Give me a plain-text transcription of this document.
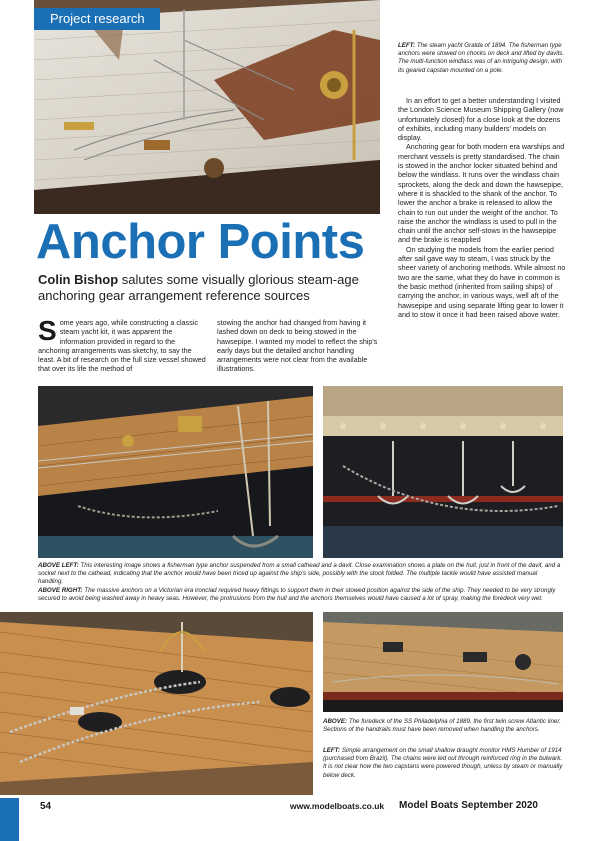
Project research
LEFT: The steam yacht Gralda of 1894. The fisherman type anchors were stowed on chocks on deck and lifted by davits. The multi-function windlass was of an intriguing design, with its geared capstan mounted on a pole.
Anchor Points
Colin Bishop salutes some visually glorious steam-age anchoring gear arrangement reference sources
Some years ago, while constructing a classic steam yacht kit, it was apparent the information provided in regard to the anchoring arrangements was sketchy, to say the least. A bit of research on the full size vessel showed that over its life the method of

stowing the anchor had changed from having it lashed down on deck to being stowed in the hawsepipe. I wanted my model to reflect the ship's early days but the detailed anchor handling arrangements were not clear from the available illustrations.

In an effort to get a better understanding I visited the London Science Museum Shipping Gallery (now unfortunately closed) for a close look at the dozens of exhibits, including many builders' models on display.

Anchoring gear for both modern era warships and merchant vessels is pretty standardised. The chain is stowed in the anchor locker situated behind and below the windlass. It runs over the windlass chain sprockets, along the deck and down the hawsepipe, where it is shackled to the shank of the anchor. To lower the anchor a brake is released to allow the chain to run out under the weight of the anchor. To raise the anchor the windlass is used to pull in the chain until the anchor self-stows in the hawsepipe and the brake is reapplied

On studying the models from the earlier period after sail gave way to steam, I was struck by the sheer variety of anchoring methods. While almost no two are the same, what they do have in common is the basic method (inherited from sailing ships) of carrying the anchor, in various ways, well aft of the hawsepipe and using separate lifting gear to lower it and to stow it once it had been raised above water.

ABOVE LEFT: This interesting image shows a fisherman type anchor suspended from a small cathead and a davit. Close examination shows a plate on the hull, just in front of the davit, and a socket next to the cathead, indicating that the anchor would have been triced up against the ship's side, possibly with the stock folded. The multiple tackle would have assisted manual handling.
ABOVE RIGHT: The massive anchors on a Victorian era ironclad required heavy fittings to support them in their stowed position against the side of the ship. They needed to be very strongly secured to avoid being washed away in heavy seas. However, the protrusions from the hull and the anchors themselves would have caused a lot of spray, making the foredeck very wet.
ABOVE: The foredeck of the SS Philadelphia of 1889, the first twin screw Atlantic liner. Sections of the handrails must have been removed when handling the anchors.
LEFT: Simple arrangement on the small shallow draught monitor HMS Humber of 1914 (purchased from Brazil). The chains were led out through reinforced ring in the bulwark. It is not clear how the two capstans were powered though, unless by steam or manually below deck.
54	www.modelboats.co.uk Model Boats September 2020
